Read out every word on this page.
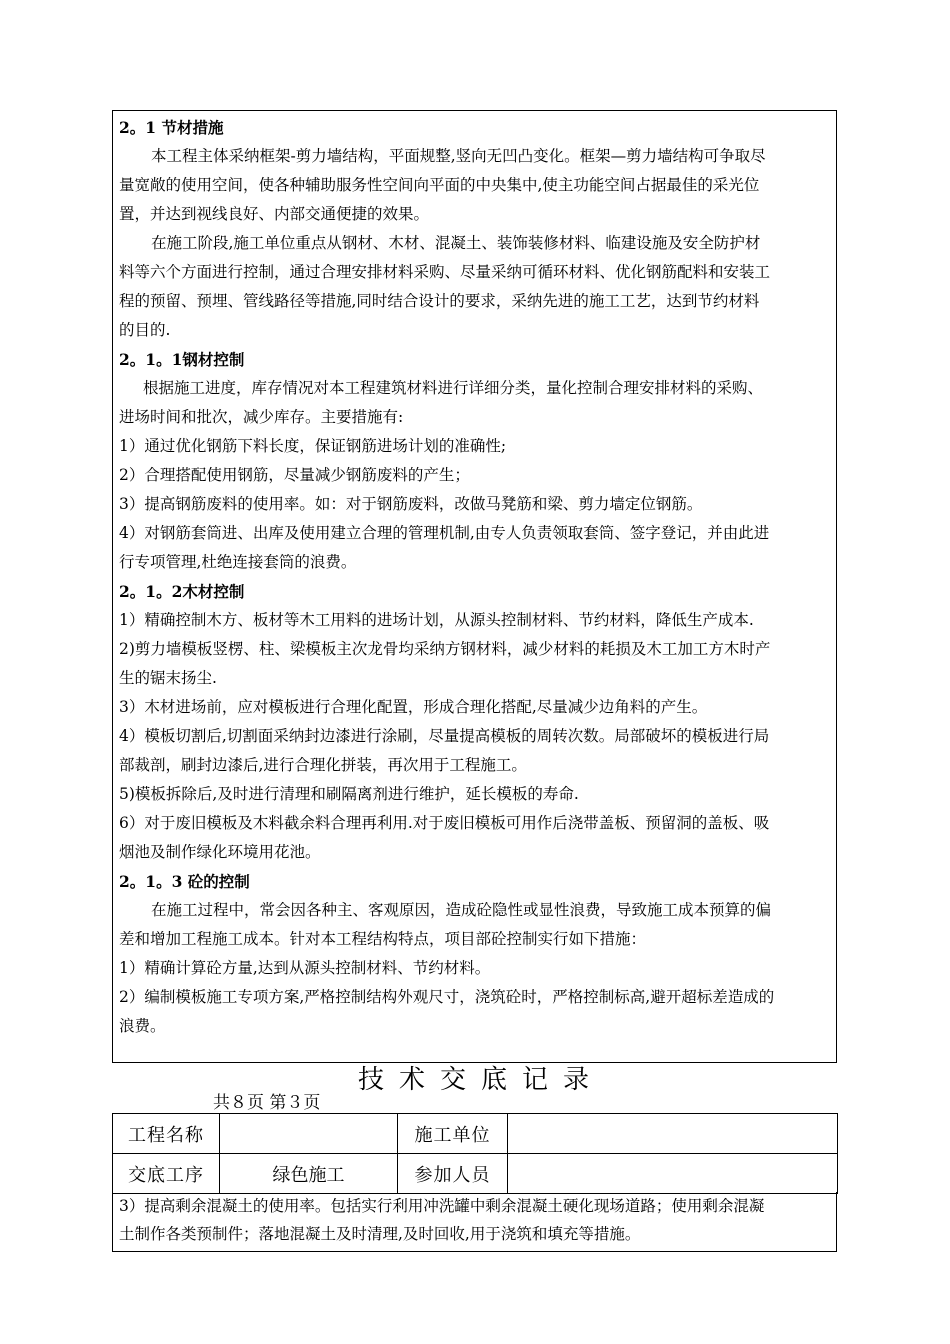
2。1 节材措施
本工程主体采纳框架-剪力墙结构，平面规整,竖向无凹凸变化。框架—剪力墙结构可争取尽
量宽敞的使用空间，使各种辅助服务性空间向平面的中央集中,使主功能空间占据最佳的采光位
置，并达到视线良好、内部交通便捷的效果。
在施工阶段,施工单位重点从钢材、木材、混凝土、装饰装修材料、临建设施及安全防护材
料等六个方面进行控制，通过合理安排材料采购、尽量采纳可循环材料、优化钢筋配料和安装工
程的预留、预埋、管线路径等措施,同时结合设计的要求，采纳先进的施工工艺，达到节约材料
的目的.
2。1。1钢材控制
根据施工进度，库存情况对本工程建筑材料进行详细分类，量化控制合理安排材料的采购、
进场时间和批次，减少库存。主要措施有:
1）通过优化钢筋下料长度，保证钢筋进场计划的准确性;
2）合理搭配使用钢筋，尽量减少钢筋废料的产生；
3）提高钢筋废料的使用率。如：对于钢筋废料，改做马凳筋和梁、剪力墙定位钢筋。
4）对钢筋套筒进、出库及使用建立合理的管理机制,由专人负责领取套筒、签字登记，并由此进
行专项管理,杜绝连接套筒的浪费。
2。1。2木材控制
1）精确控制木方、板材等木工用料的进场计划，从源头控制材料、节约材料，降低生产成本.
2)剪力墙模板竖楞、柱、梁模板主次龙骨均采纳方钢材料，减少材料的耗损及木工加工方木时产
生的锯末扬尘.
3）木材进场前，应对模板进行合理化配置，形成合理化搭配,尽量减少边角料的产生。
4）模板切割后,切割面采纳封边漆进行涂刷，尽量提高模板的周转次数。局部破坏的模板进行局
部裁剖，刷封边漆后,进行合理化拼装，再次用于工程施工。
5)模板拆除后,及时进行清理和刷隔离剂进行维护，延长模板的寿命.
6）对于废旧模板及木料截余料合理再利用.对于废旧模板可用作后浇带盖板、预留洞的盖板、吸
烟池及制作绿化环境用花池。
2。1。3 砼的控制
在施工过程中，常会因各种主、客观原因，造成砼隐性或显性浪费，导致施工成本预算的偏
差和增加工程施工成本。针对本工程结构特点，项目部砼控制实行如下措施：
1）精确计算砼方量,达到从源头控制材料、节约材料。
2）编制模板施工专项方案,严格控制结构外观尺寸，浇筑砼时，严格控制标高,避开超标差造成的
浪费。
技术交底记录
共８页 第３页
工程名称		施工单位	
交底工序	绿色施工	参加人员	
3）提高剩余混凝土的使用率。包括实行利用冲洗罐中剩余混凝土硬化现场道路；使用剩余混凝
土制作各类预制件；落地混凝土及时清理,及时回收,用于浇筑和填充等措施。
